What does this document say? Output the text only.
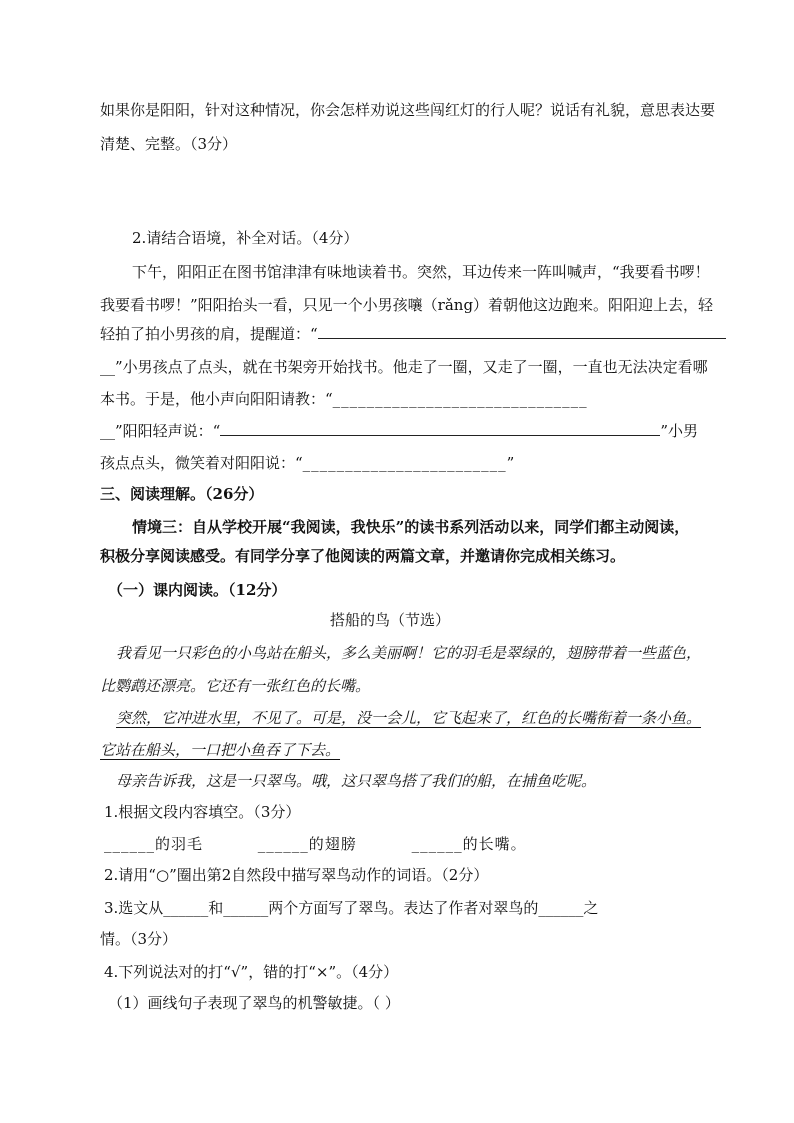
如果你是阳阳，针对这种情况，你会怎样劝说这些闯红灯的行人呢？说话有礼貌，意思表达要
清楚、完整。（3分）
2.请结合语境，补全对话。（4分）
下午，阳阳正在图书馆津津有味地读着书。突然，耳边传来一阵叫喊声，“我要看书啰！
我要看书啰！”阳阳抬头一看，只见一个小男孩嚷（rǎng）着朝他这边跑来。阳阳迎上去，轻
轻拍了拍小男孩的肩，提醒道：“
__”小男孩点了点头，就在书架旁开始找书。他走了一圈，又走了一圈，一直也无法决定看哪
本书。于是，他小声向阳阳请教：“______________________________
__”阳阳轻声说：“	”小男
孩点点头，微笑着对阳阳说：“________________________”
三、阅读理解。（26分）
情境三：自从学校开展“我阅读，我快乐”的读书系列活动以来，同学们都主动阅读，
积极分享阅读感受。有同学分享了他阅读的两篇文章，并邀请你完成相关练习。
（一）课内阅读。（12分）
搭船的鸟（节选）
我看见一只彩色的小鸟站在船头，多么美丽啊！它的羽毛是翠绿的，翅膀带着一些蓝色，
比鹦鹉还漂亮。它还有一张红色的长嘴。
突然，它冲进水里，不见了。可是，没一会儿，它飞起来了，红色的长嘴衔着一条小鱼。
它站在船头，一口把小鱼吞了下去。
母亲告诉我，这是一只翠鸟。哦，这只翠鸟搭了我们的船，在捕鱼吃呢。
1.根据文段内容填空。（3分）
______的羽毛	______的翅膀	______的长嘴。
2.请用“○”圈出第2自然段中描写翠鸟动作的词语。（2分）
3.选文从______和______两个方面写了翠鸟。表达了作者对翠鸟的______之
情。（3分）
4.下列说法对的打“√”，错的打“×”。（4分）
（1）画线句子表现了翠鸟的机警敏捷。（ ）
